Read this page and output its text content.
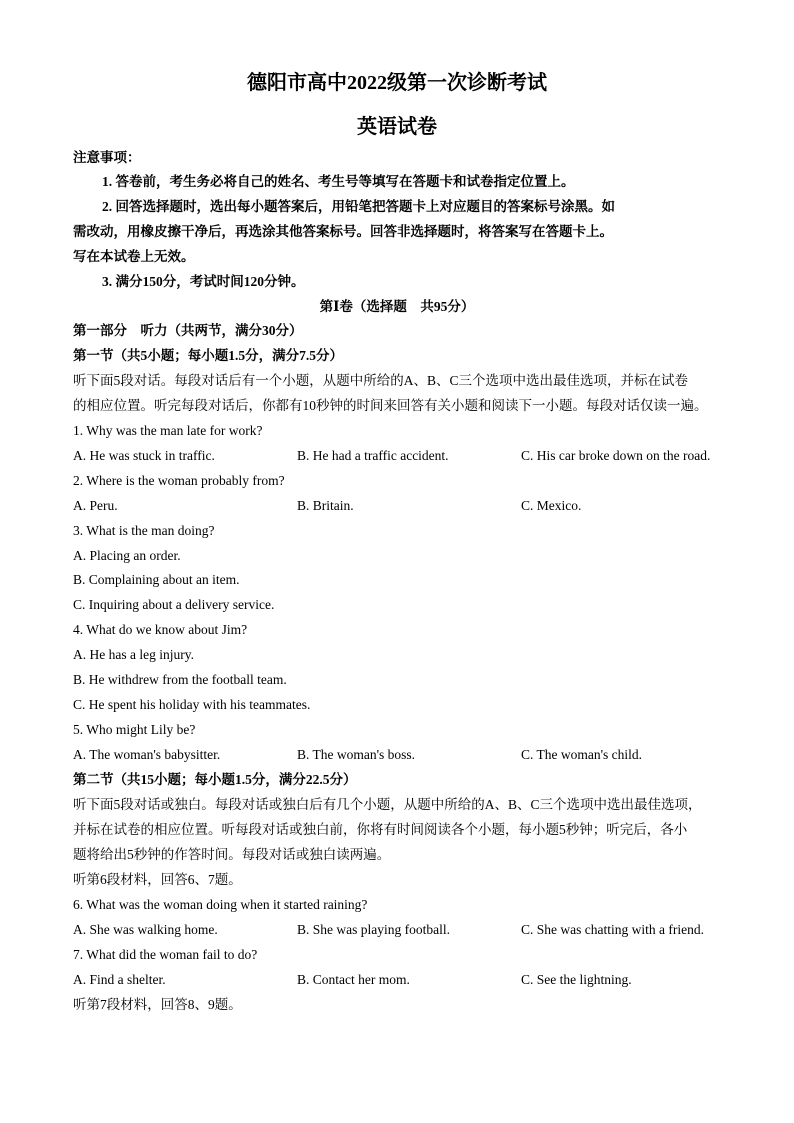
德阳市高中2022级第一次诊断考试
英语试卷
注意事项：
1. 答卷前，考生务必将自己的姓名、考生号等填写在答题卡和试卷指定位置上。
2. 回答选择题时，选出每小题答案后，用铅笔把答题卡上对应题目的答案标号涂黑。如
需改动，用橡皮擦干净后，再选涂其他答案标号。回答非选择题时，将答案写在答题卡上。
写在本试卷上无效。
3. 满分150分，考试时间120分钟。
第Ⅰ卷（选择题　共95分）
第一部分　听力（共两节，满分30分）
第一节（共5小题；每小题1.5分，满分7.5分）
听下面5段对话。每段对话后有一个小题，从题中所给的A、B、C三个选项中选出最佳选项，并标在试卷
的相应位置。听完每段对话后，你都有10秒钟的时间来回答有关小题和阅读下一小题。每段对话仅读一遍。
1. Why was the man late for work?
A. He was stuck in traffic.	B. He had a traffic accident.	C. His car broke down on the road.
2. Where is the woman probably from?
A. Peru.	B. Britain.	C. Mexico.
3. What is the man doing?
A. Placing an order.
B. Complaining about an item.
C. Inquiring about a delivery service.
4. What do we know about Jim?
A. He has a leg injury.
B. He withdrew from the football team.
C. He spent his holiday with his teammates.
5. Who might Lily be?
A. The woman's babysitter.	B. The woman's boss.	C. The woman's child.
第二节（共15小题；每小题1.5分，满分22.5分）
听下面5段对话或独白。每段对话或独白后有几个小题，从题中所给的A、B、C三个选项中选出最佳选项，
并标在试卷的相应位置。听每段对话或独白前，你将有时间阅读各个小题，每小题5秒钟；听完后，各小
题将给出5秒钟的作答时间。每段对话或独白读两遍。
听第6段材料，回答6、7题。
6. What was the woman doing when it started raining?
A. She was walking home.	B. She was playing football.	C. She was chatting with a friend.
7. What did the woman fail to do?
A. Find a shelter.	B. Contact her mom.	C. See the lightning.
听第7段材料，回答8、9题。
